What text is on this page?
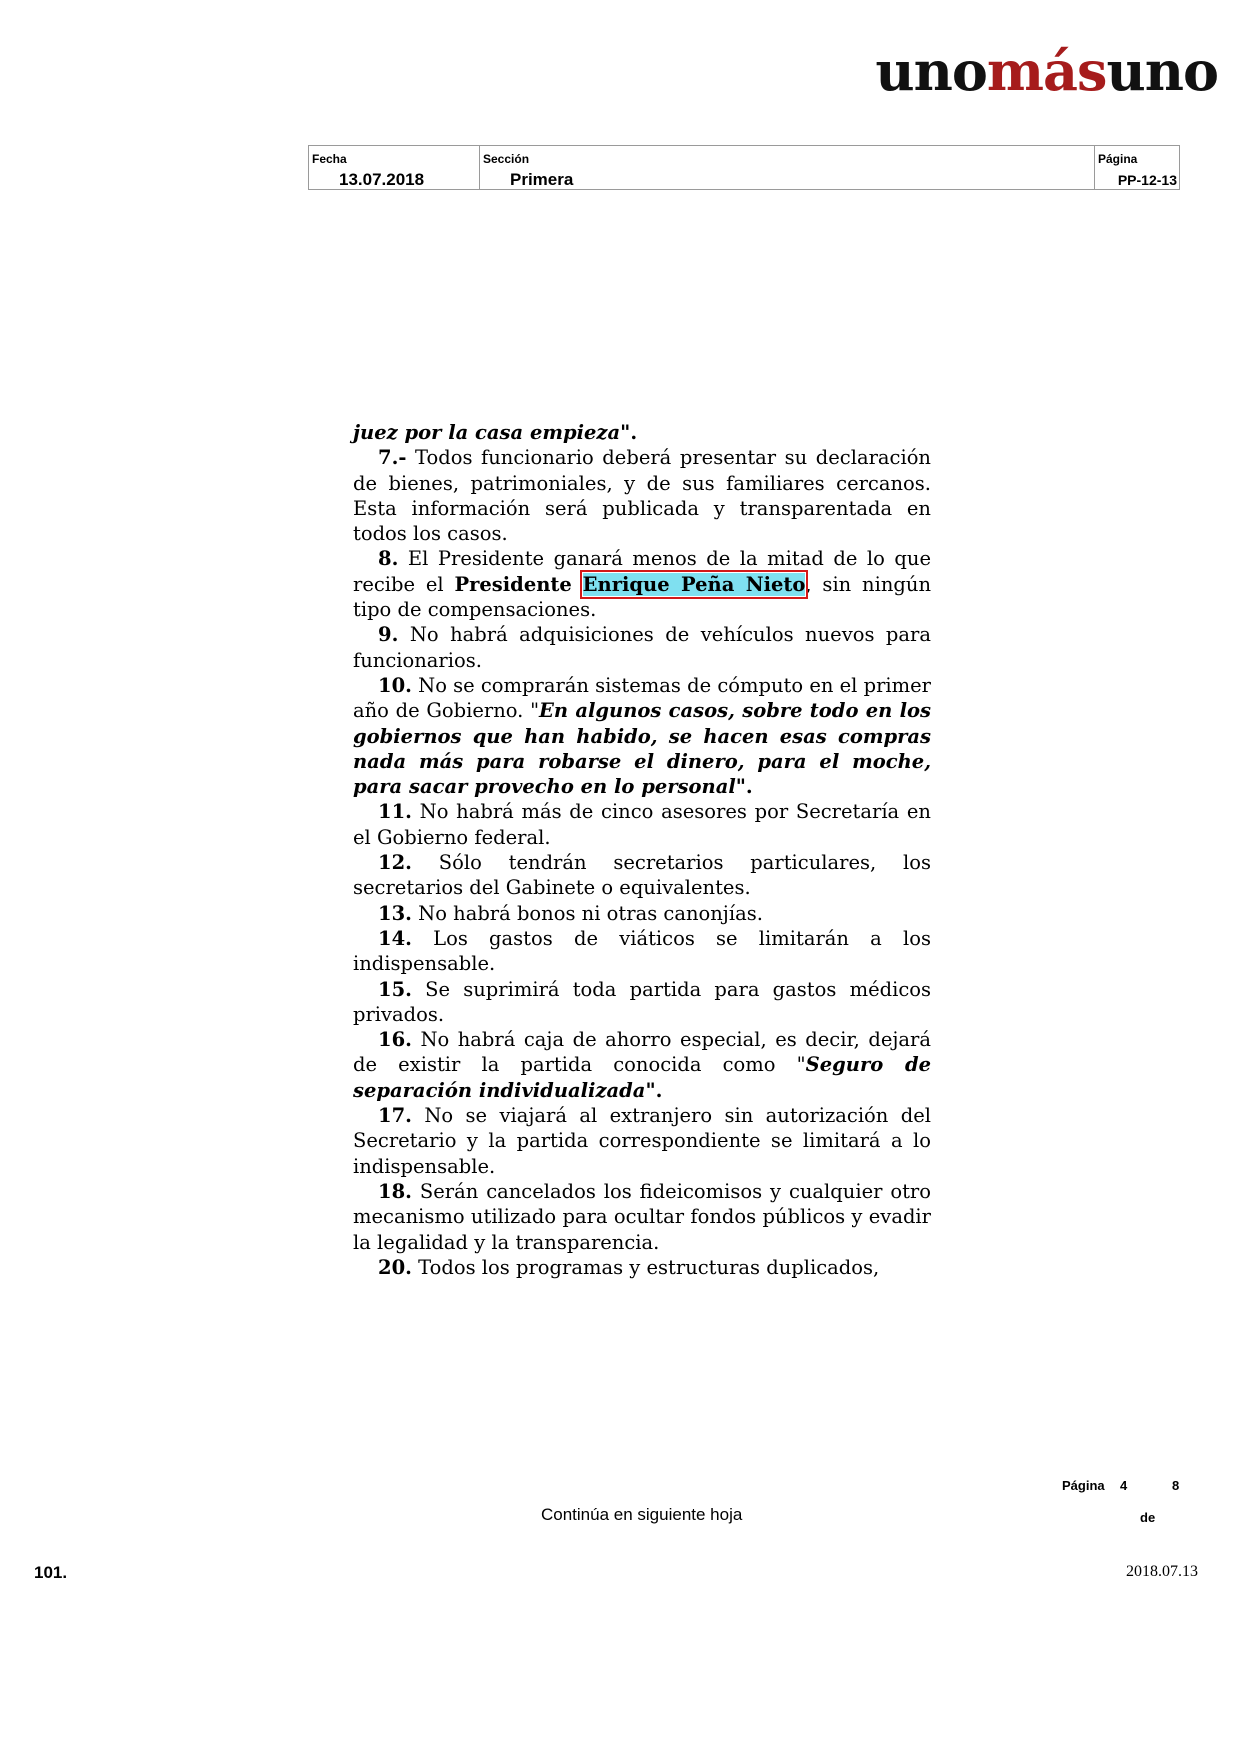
unomásuno
Fecha
13.07.2018
Sección
Primera
Página
PP-12-13

juez por la casa empieza".

7.- Todos funcionario deberá presentar su declaración de bienes, patrimoniales, y de sus familiares cercanos. Esta información será publicada y transparentada en todos los casos.

8. El Presidente ganará menos de la mitad de lo que recibe el Presidente Enrique Peña Nieto, sin ningún tipo de compensaciones.

9. No habrá adquisiciones de vehículos nuevos para funcionarios.

10. No se comprarán sistemas de cómputo en el primer año de Gobierno. "En algunos casos, sobre todo en los gobiernos que han habido, se hacen esas compras nada más para robarse el dinero, para el moche, para sacar provecho en lo personal".

11. No habrá más de cinco asesores por Secretaría en el Gobierno federal.

12. Sólo tendrán secretarios particulares, los secretarios del Gabinete o equivalentes.

13. No habrá bonos ni otras canonjías.

14. Los gastos de viáticos se limitarán a los indispensable.

15. Se suprimirá toda partida para gastos médicos privados.

16. No habrá caja de ahorro especial, es decir, dejará de existir la partida conocida como "Seguro de separación individualizada".

17. No se viajará al extranjero sin autorización del Secretario y la partida correspondiente se limitará a lo indispensable.

18. Serán cancelados los fideicomisos y cualquier otro mecanismo utilizado para ocultar fondos públicos y evadir la legalidad y la transparencia.

20. Todos los programas y estructuras duplicados,

Página	4	8
de
Continúa en siguiente hoja
101.	2018.07.13
